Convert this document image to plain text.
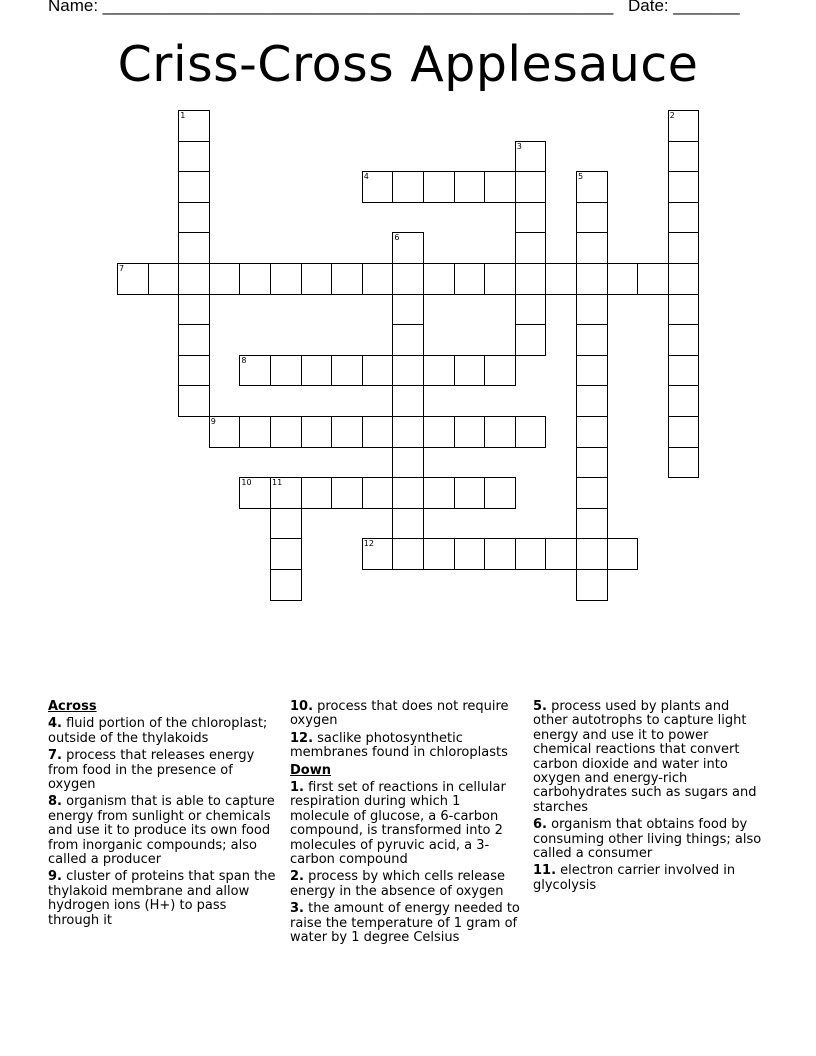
Name: ______________________________________________________ Date: _______
Criss-Cross Applesauce
1	2
3
4	5
6
7
8
9
10	11
12
Across
4. fluid portion of the chloroplast; outside of the thylakoids
7. process that releases energy from food in the presence of oxygen
8. organism that is able to capture energy from sunlight or chemicals and use it to produce its own food from inorganic compounds; also called a producer
9. cluster of proteins that span the thylakoid membrane and allow hydrogen ions (H+) to pass through it
10. process that does not require oxygen
12. saclike photosynthetic membranes found in chloroplasts
Down
1. first set of reactions in cellular respiration during which 1 molecule of glucose, a 6-carbon compound, is transformed into 2 molecules of pyruvic acid, a 3-carbon compound
2. process by which cells release energy in the absence of oxygen
3. the amount of energy needed to raise the temperature of 1 gram of water by 1 degree Celsius
5. process used by plants and other autotrophs to capture light energy and use it to power chemical reactions that convert carbon dioxide and water into oxygen and energy-rich carbohydrates such as sugars and starches
6. organism that obtains food by consuming other living things; also called a consumer
11. electron carrier involved in glycolysis
